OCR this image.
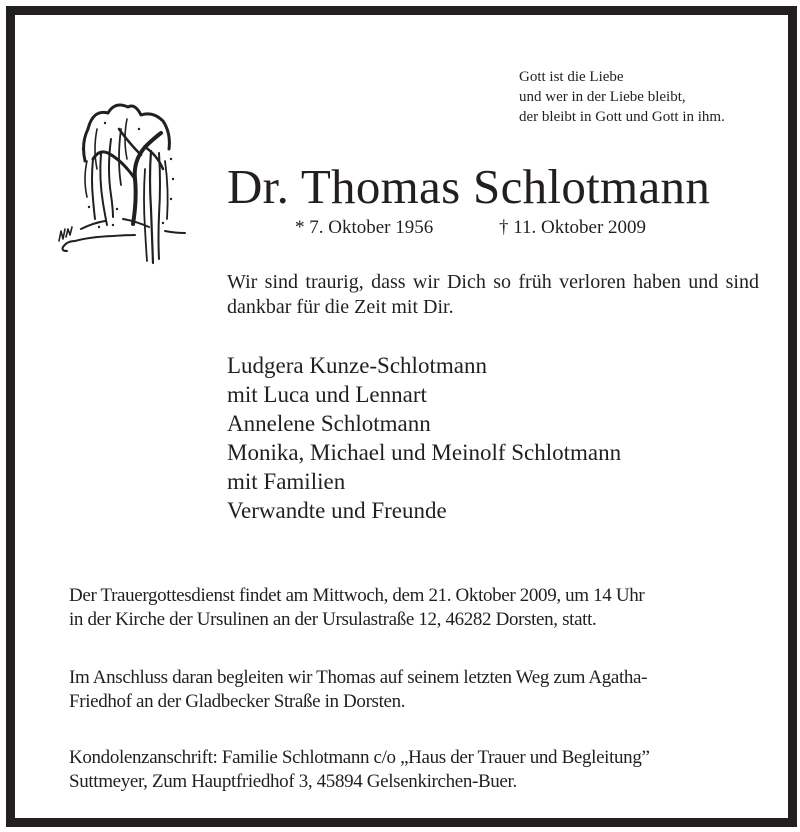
Gott ist die Liebe
und wer in der Liebe bleibt,
der bleibt in Gott und Gott in ihm.
Dr. Thomas Schlotmann
* 7. Oktober 1956	† 11. Oktober 2009
Wir sind traurig, dass wir Dich so früh verloren haben und sind dankbar für die Zeit mit Dir.
Ludgera Kunze-Schlotmann
mit Luca und Lennart
Annelene Schlotmann
Monika, Michael und Meinolf Schlotmann
mit Familien
Verwandte und Freunde
Der Trauergottesdienst findet am Mittwoch, dem 21. Oktober 2009, um 14 Uhr
in der Kirche der Ursulinen an der Ursulastraße 12, 46282 Dorsten, statt.
Im Anschluss daran begleiten wir Thomas auf seinem letzten Weg zum Agatha-
Friedhof an der Gladbecker Straße in Dorsten.
Kondolenzanschrift: Familie Schlotmann c/o „Haus der Trauer und Begleitung”
Suttmeyer, Zum Hauptfriedhof 3, 45894 Gelsenkirchen-Buer.
